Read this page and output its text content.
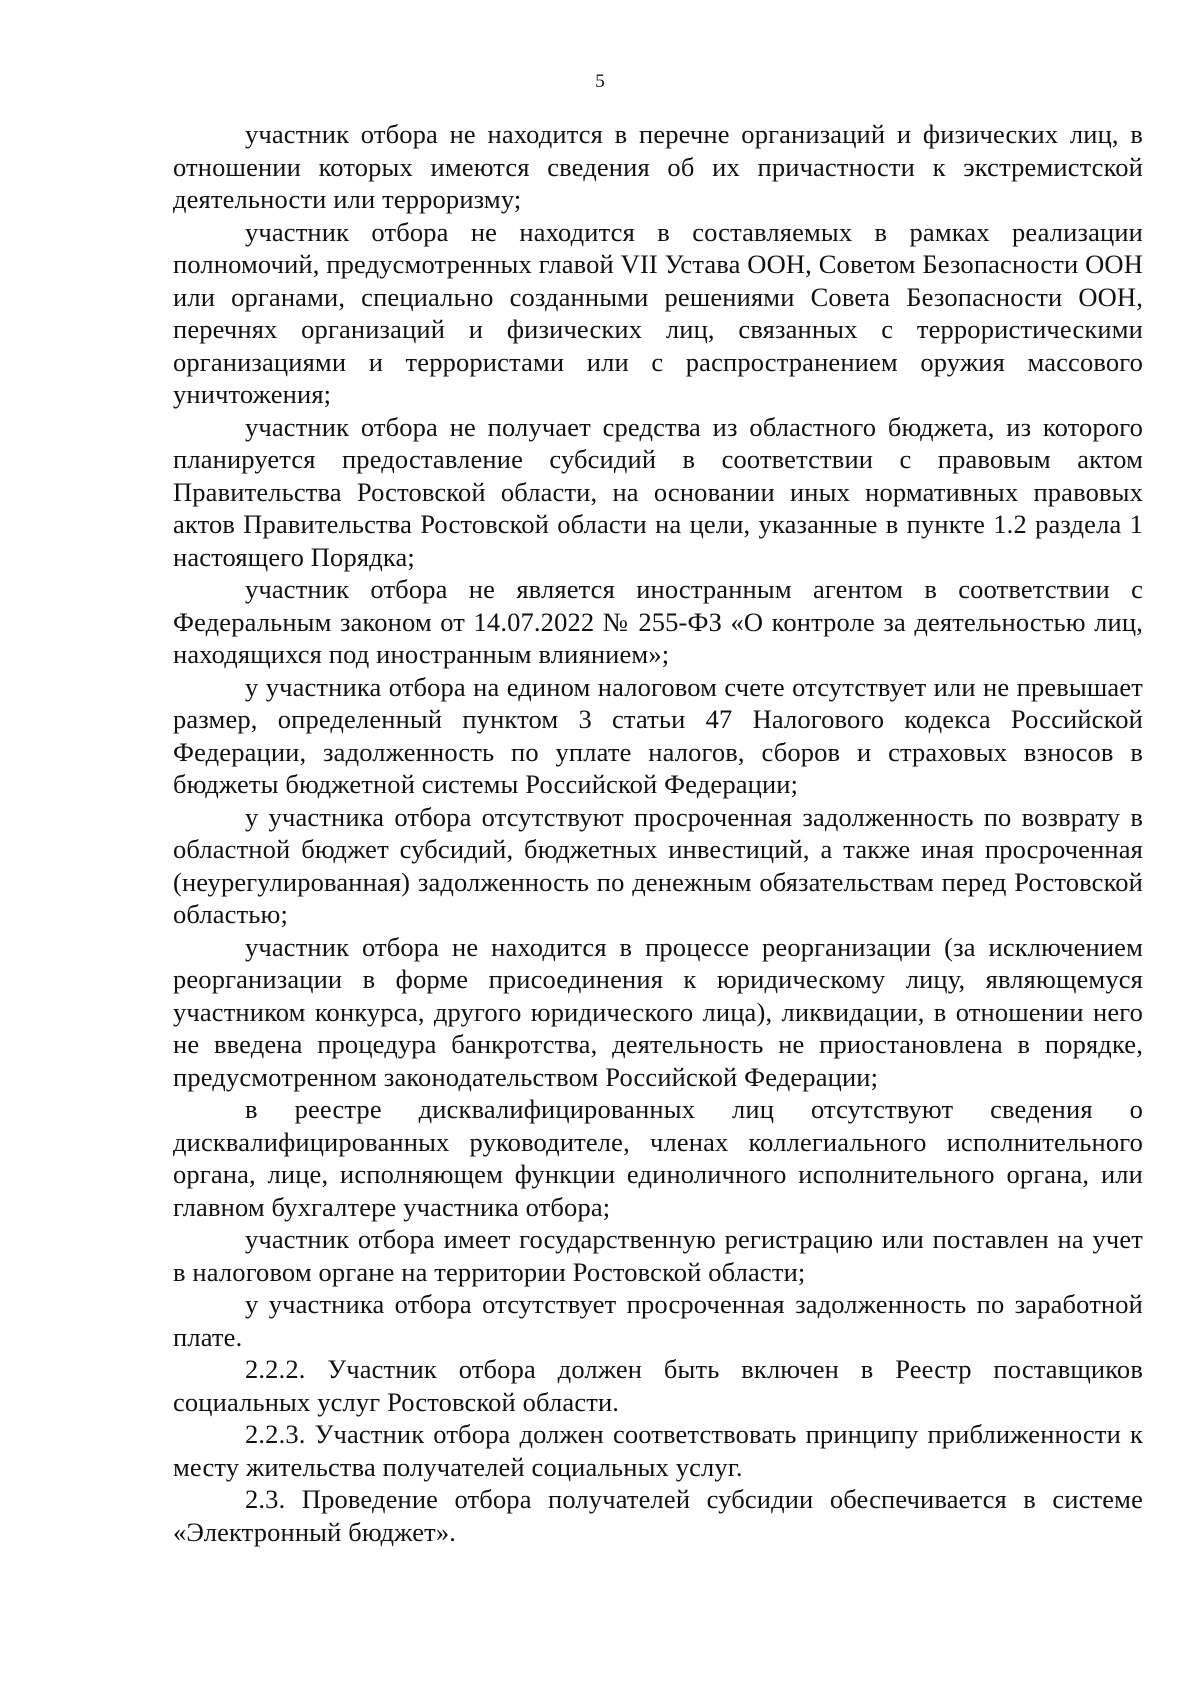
5

участник отбора не находится в перечне организаций и физических лиц, в отношении которых имеются сведения об их причастности к экстремистской деятельности или терроризму;

участник отбора не находится в составляемых в рамках реализации полномочий, предусмотренных главой VII Устава ООН, Советом Безопасности ООН или органами, специально созданными решениями Совета Безопасности ООН, перечнях организаций и физических лиц, связанных с террористическими организациями и террористами или с распространением оружия массового уничтожения;

участник отбора не получает средства из областного бюджета, из которого планируется предоставление субсидий в соответствии с правовым актом Правительства Ростовской области, на основании иных нормативных правовых актов Правительства Ростовской области на цели, указанные в пункте 1.2 раздела 1 настоящего Порядка;

участник отбора не является иностранным агентом в соответствии с Федеральным законом от 14.07.2022 № 255-ФЗ «О контроле за деятельностью лиц, находящихся под иностранным влиянием»;

у участника отбора на едином налоговом счете отсутствует или не превышает размер, определенный пунктом 3 статьи 47 Налогового кодекса Российской Федерации, задолженность по уплате налогов, сборов и страховых взносов в бюджеты бюджетной системы Российской Федерации;

у участника отбора отсутствуют просроченная задолженность по возврату в областной бюджет субсидий, бюджетных инвестиций, а также иная просроченная (неурегулированная) задолженность по денежным обязательствам перед Ростовской областью;

участник отбора не находится в процессе реорганизации (за исключением реорганизации в форме присоединения к юридическому лицу, являющемуся участником конкурса, другого юридического лица), ликвидации, в отношении него не введена процедура банкротства, деятельность не приостановлена в порядке, предусмотренном законодательством Российской Федерации;

в реестре дисквалифицированных лиц отсутствуют сведения о дисквалифицированных руководителе, членах коллегиального исполнительного органа, лице, исполняющем функции единоличного исполнительного органа, или главном бухгалтере участника отбора;

участник отбора имеет государственную регистрацию или поставлен на учет в налоговом органе на территории Ростовской области;

у участника отбора отсутствует просроченная задолженность по заработной плате.

2.2.2. Участник отбора должен быть включен в Реестр поставщиков социальных услуг Ростовской области.

2.2.3. Участник отбора должен соответствовать принципу приближенности к месту жительства получателей социальных услуг.

2.3. Проведение отбора получателей субсидии обеспечивается в системе «Электронный бюджет».
